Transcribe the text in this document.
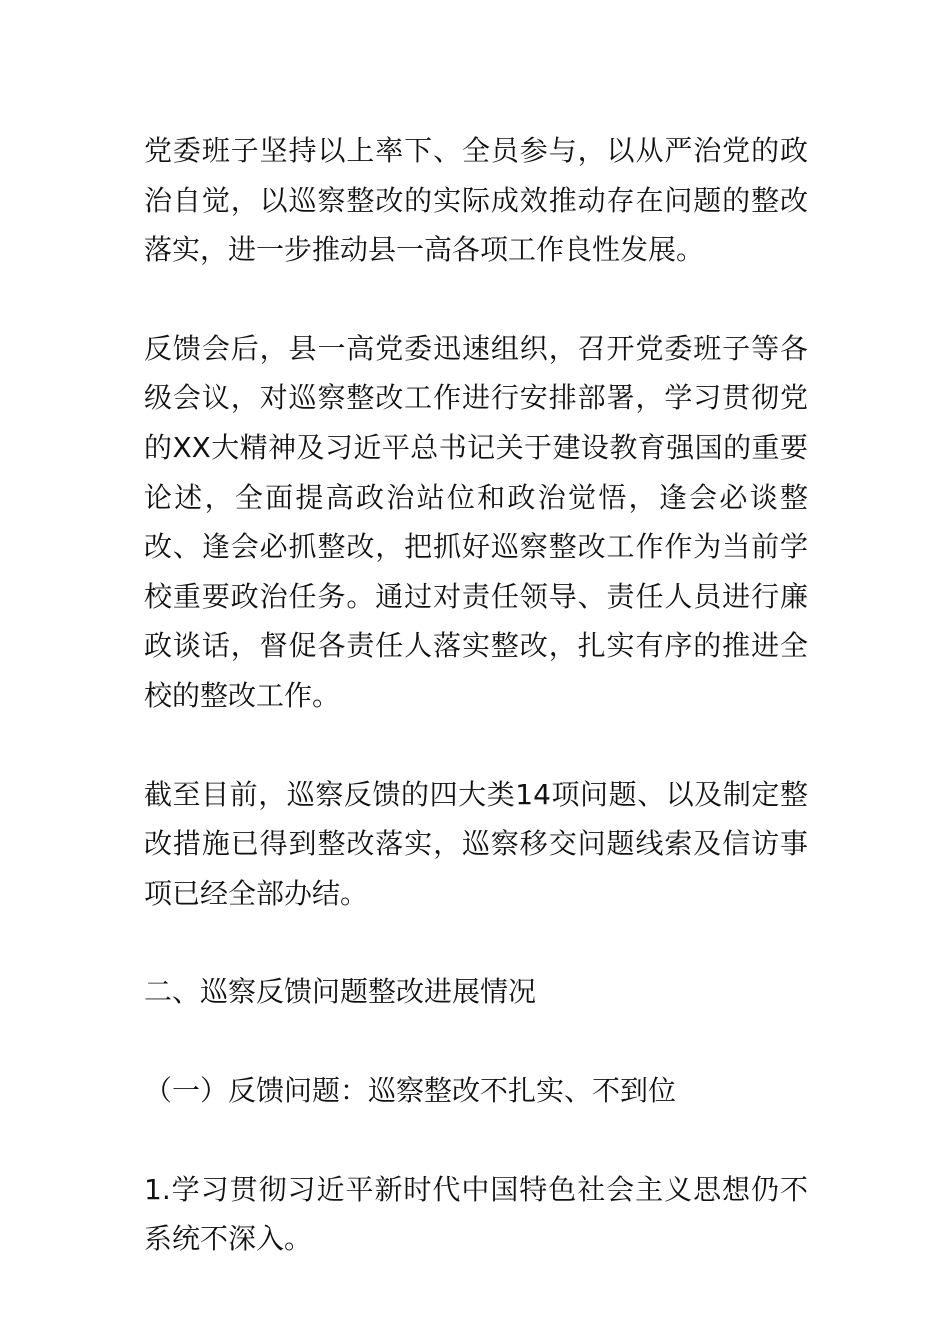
党委班子坚持以上率下、全员参与，以从严治党的政治自觉，以巡察整改的实际成效推动存在问题的整改落实，进一步推动县一高各项工作良性发展。

反馈会后，县一高党委迅速组织，召开党委班子等各级会议，对巡察整改工作进行安排部署，学习贯彻党的XX大精神及习近平总书记关于建设教育强国的重要论述，全面提高政治站位和政治觉悟，逢会必谈整改、逢会必抓整改，把抓好巡察整改工作作为当前学校重要政治任务。通过对责任领导、责任人员进行廉政谈话，督促各责任人落实整改，扎实有序的推进全校的整改工作。

截至目前，巡察反馈的四大类14项问题、以及制定整改措施已得到整改落实，巡察移交问题线索及信访事项已经全部办结。

二、巡察反馈问题整改进展情况

（一）反馈问题：巡察整改不扎实、不到位

1.学习贯彻习近平新时代中国特色社会主义思想仍不系统不深入。
